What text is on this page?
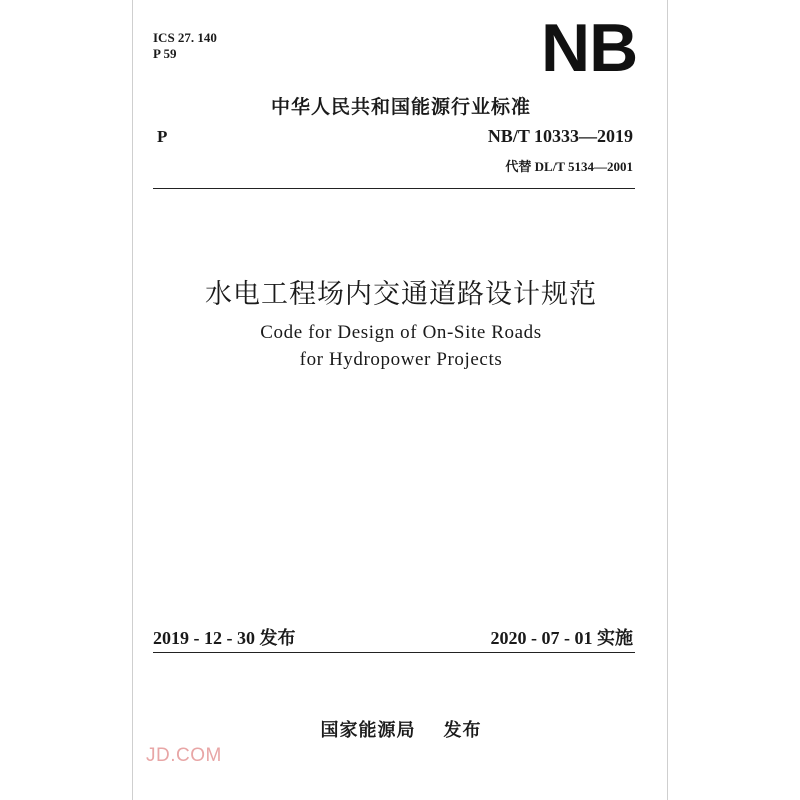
ICS 27. 140
P 59	NB
中华人民共和国能源行业标准
P	NB/T 10333—2019
代替 DL/T 5134—2001
水电工程场内交通道路设计规范
Code for Design of On-Site Roads
for Hydropower Projects
2019 - 12 - 30 发布	2020 - 07 - 01 实施
国家能源局 发布
JD.COM
